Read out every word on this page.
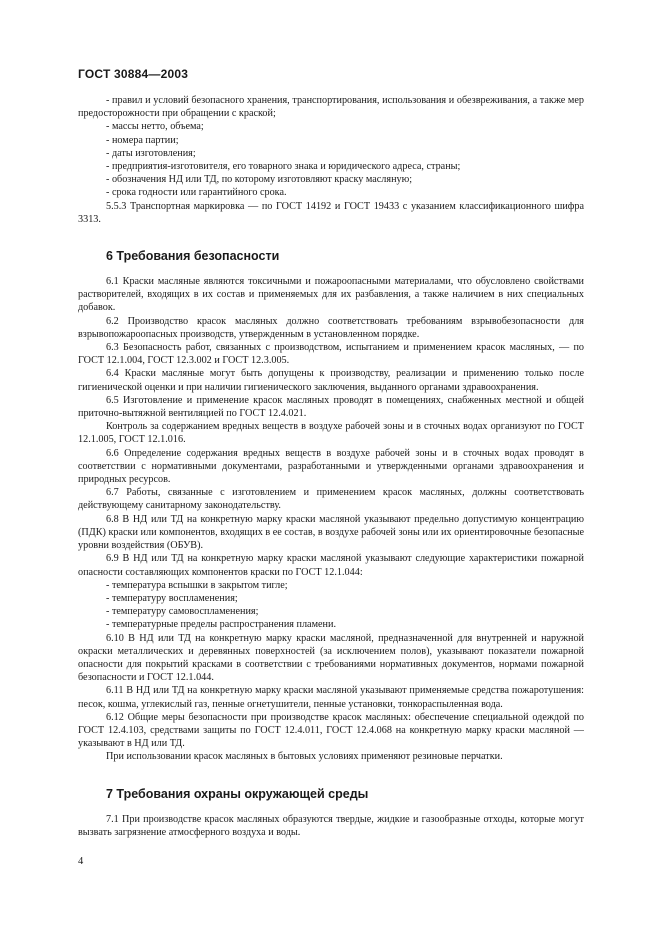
ГОСТ 30884—2003

- правил и условий безопасного хранения, транспортирования, использования и обезвреживания, а также мер предосторожности при обращении с краской;

- массы нетто, объема;

- номера партии;

- даты изготовления;

- предприятия-изготовителя, его товарного знака и юридического адреса, страны;

- обозначения НД или ТД, по которому изготовляют краску масляную;

- срока годности или гарантийного срока.

5.5.3 Транспортная маркировка — по ГОСТ 14192 и ГОСТ 19433 с указанием классификационного шифра 3313.

6 Требования безопасности

6.1 Краски масляные являются токсичными и пожароопасными материалами, что обусловлено свойствами растворителей, входящих в их состав и применяемых для их разбавления, а также наличием в них специальных добавок.

6.2 Производство красок масляных должно соответствовать требованиям взрывобезопасности для взрывопожароопасных производств, утвержденным в установленном порядке.

6.3 Безопасность работ, связанных с производством, испытанием и применением красок масляных, — по ГОСТ 12.1.004, ГОСТ 12.3.002 и ГОСТ 12.3.005.

6.4 Краски масляные могут быть допущены к производству, реализации и применению только после гигиенической оценки и при наличии гигиенического заключения, выданного органами здравоохранения.

6.5 Изготовление и применение красок масляных проводят в помещениях, снабженных местной и общей приточно-вытяжной вентиляцией по ГОСТ 12.4.021.

Контроль за содержанием вредных веществ в воздухе рабочей зоны и в сточных водах организуют по ГОСТ 12.1.005, ГОСТ 12.1.016.

6.6 Определение содержания вредных веществ в воздухе рабочей зоны и в сточных водах проводят в соответствии с нормативными документами, разработанными и утвержденными органами здравоохранения и природных ресурсов.

6.7 Работы, связанные с изготовлением и применением красок масляных, должны соответствовать действующему санитарному законодательству.

6.8 В НД или ТД на конкретную марку краски масляной указывают предельно допустимую концентрацию (ПДК) краски или компонентов, входящих в ее состав, в воздухе рабочей зоны или их ориентировочные безопасные уровни воздействия (ОБУВ).

6.9 В НД или ТД на конкретную марку краски масляной указывают следующие характеристики пожарной опасности составляющих компонентов краски по ГОСТ 12.1.044:

- температура вспышки в закрытом тигле;

- температуру воспламенения;

- температуру самовоспламенения;

- температурные пределы распространения пламени.

6.10 В НД или ТД на конкретную марку краски масляной, предназначенной для внутренней и наружной окраски металлических и деревянных поверхностей (за исключением полов), указывают показатели пожарной опасности для покрытий красками в соответствии с требованиями нормативных документов, нормами пожарной безопасности и ГОСТ 12.1.044.

6.11 В НД или ТД на конкретную марку краски масляной указывают применяемые средства пожаротушения: песок, кошма, углекислый газ, пенные огнетушители, пенные установки, тонкораспыленная вода.

6.12 Общие меры безопасности при производстве красок масляных: обеспечение специальной одеждой по ГОСТ 12.4.103, средствами защиты по ГОСТ 12.4.011, ГОСТ 12.4.068 на конкретную марку краски масляной — указывают в НД или ТД.

При использовании красок масляных в бытовых условиях применяют резиновые перчатки.

7 Требования охраны окружающей среды

7.1 При производстве красок масляных образуются твердые, жидкие и газообразные отходы, которые могут вызвать загрязнение атмосферного воздуха и воды.

4
